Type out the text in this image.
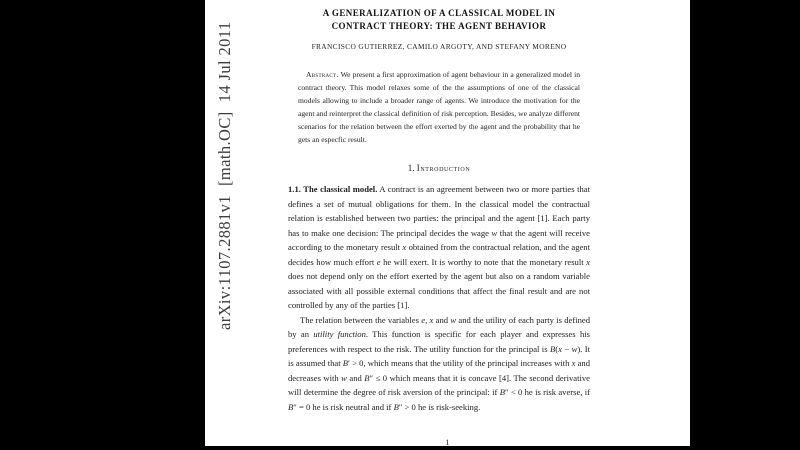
arXiv:1107.2881v1  [math.OC]  14 Jul 2011
A GENERALIZATION OF A CLASSICAL MODEL IN
CONTRACT THEORY: THE AGENT BEHAVIOR

FRANCISCO GUTIERREZ, CAMILO ARGOTY, AND STEFANY MORENO

Abstract. We present a first approximation of agent behaviour in a generalized model in contract theory. This model relaxes some of the the assumptions of one of the classical models allowing to include a broader range of agents. We introduce the motivation for the agent and reinterpret the classical definition of risk perception. Besides, we analyze different scenarios for the relation between the effort exerted by the agent and the probability that he gets an especfic result.

1. Introduction

1.1. The classical model. A contract is an agreement between two or more parties that defines a set of mutual obligations for them. In the classical model the contractual relation is established between two parties: the principal and the agent [1]. Each party has to make one decision: The principal decides the wage w that the agent will receive according to the monetary result x obtained from the contractual relation, and the agent decides how much effort e he will exert. It is worthy to note that the monetary result x does not depend only on the effort exerted by the agent but also on a random variable associated with all possible external conditions that affect the final result and are not controlled by any of the parties [1].

The relation between the variables e, x and w and the utility of each party is defined by an utility function. This function is specific for each player and expresses his preferences with respect to the risk. The utility function for the principal is B(x − w). It is assumed that B′ > 0, which means that the utility of the principal increases with x and decreases with w and B″ ≤ 0 which means that it is concave [4]. The second derivative will determine the degree of risk aversion of the principal: if B″ < 0 he is risk averse, if B″ = 0 he is risk neutral and if B″ > 0 he is risk-seeking.

1
